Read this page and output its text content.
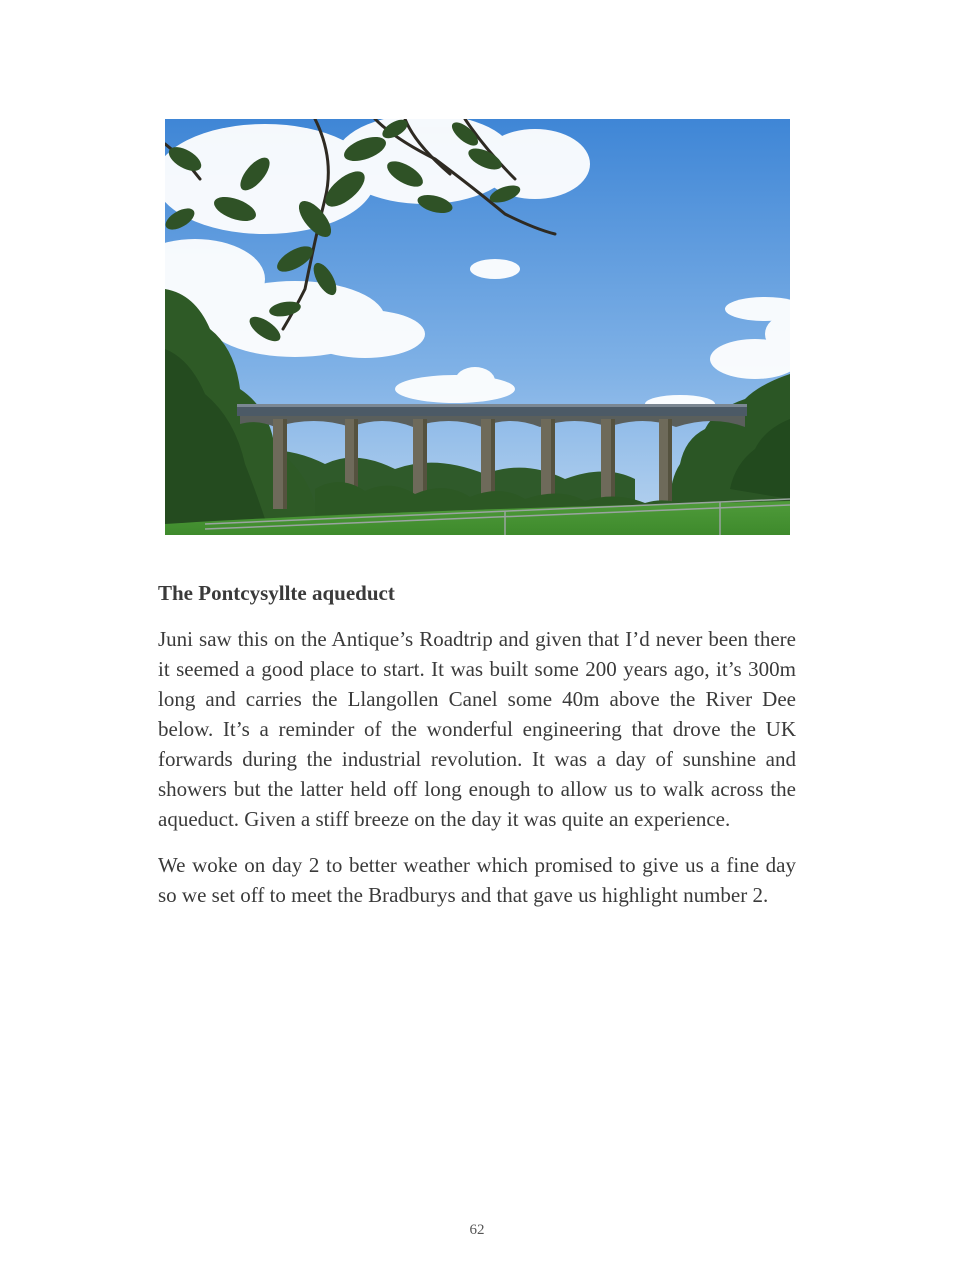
The Pontcysyllte aqueduct

Juni saw this on the Antique’s Roadtrip and given that I’d never been there it seemed a good place to start. It was built some 200 years ago, it’s 300m long and carries the Llangollen Canel some 40m above the River Dee below. It’s a reminder of the wonderful engineering that drove the UK forwards during the industrial revolution. It was a day of sunshine and showers but the latter held off long enough to allow us to walk across the aqueduct. Given a stiff breeze on the day it was quite an experience.

We woke on day 2 to better weather which promised to give us a fine day so we set off to meet the Bradburys and that gave us highlight number 2.

62
